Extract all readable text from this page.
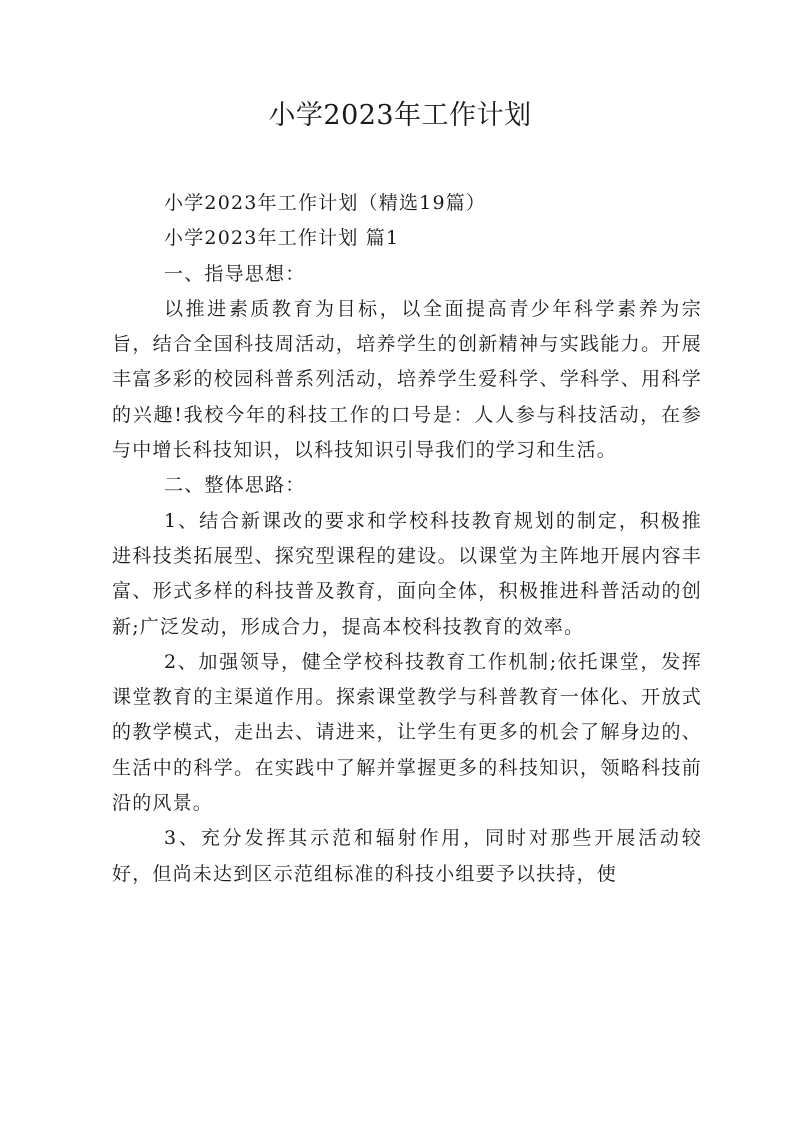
小学2023年工作计划

小学2023年工作计划（精选19篇）

小学2023年工作计划 篇1

一、指导思想：

以推进素质教育为目标，以全面提高青少年科学素养为宗旨，结合全国科技周活动，培养学生的创新精神与实践能力。开展丰富多彩的校园科普系列活动，培养学生爱科学、学科学、用科学的兴趣!我校今年的科技工作的口号是：人人参与科技活动，在参与中增长科技知识，以科技知识引导我们的学习和生活。

二、整体思路：

1、结合新课改的要求和学校科技教育规划的制定，积极推进科技类拓展型、探究型课程的建设。以课堂为主阵地开展内容丰富、形式多样的科技普及教育，面向全体，积极推进科普活动的创新;广泛发动，形成合力，提高本校科技教育的效率。

2、加强领导，健全学校科技教育工作机制;依托课堂，发挥课堂教育的主渠道作用。探索课堂教学与科普教育一体化、开放式的教学模式，走出去、请进来，让学生有更多的机会了解身边的、生活中的科学。在实践中了解并掌握更多的科技知识，领略科技前沿的风景。

3、充分发挥其示范和辐射作用，同时对那些开展活动较好，但尚未达到区示范组标准的科技小组要予以扶持，使
